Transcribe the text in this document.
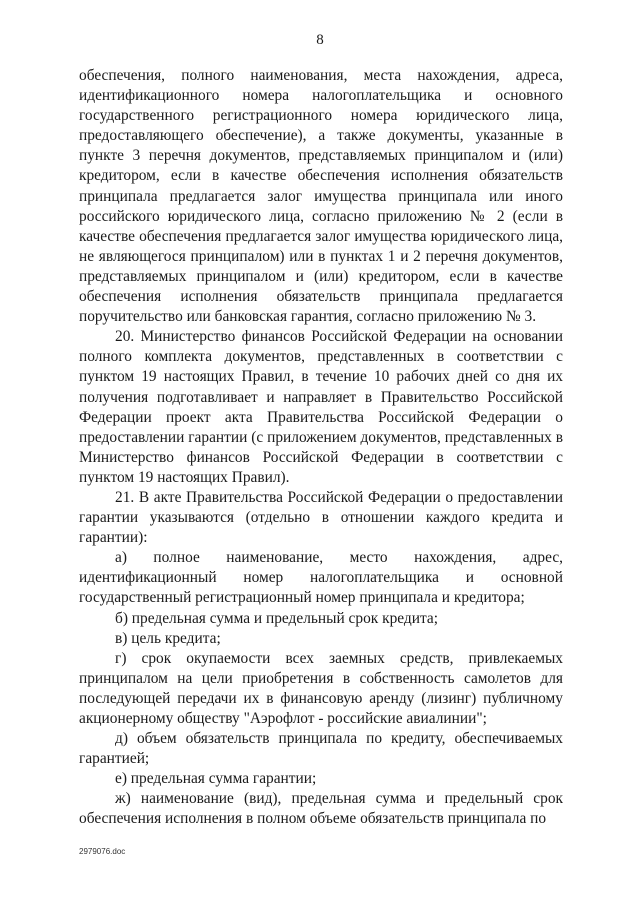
8

обеспечения, полного наименования, места нахождения, адреса, идентификационного номера налогоплательщика и основного государственного регистрационного номера юридического лица, предоставляющего обеспечение), а также документы, указанные в пункте 3 перечня документов, представляемых принципалом и (или) кредитором, если в качестве обеспечения исполнения обязательств принципала предлагается залог имущества принципала или иного российского юридического лица, согласно приложению № 2 (если в качестве обеспечения предлагается залог имущества юридического лица, не являющегося принципалом) или в пунктах 1 и 2 перечня документов, представляемых принципалом и (или) кредитором, если в качестве обеспечения исполнения обязательств принципала предлагается поручительство или банковская гарантия, согласно приложению № 3.

20. Министерство финансов Российской Федерации на основании полного комплекта документов, представленных в соответствии с пунктом 19 настоящих Правил, в течение 10 рабочих дней со дня их получения подготавливает и направляет в Правительство Российской Федерации проект акта Правительства Российской Федерации о предоставлении гарантии (с приложением документов, представленных в Министерство финансов Российской Федерации в соответствии с пунктом 19 настоящих Правил).

21. В акте Правительства Российской Федерации о предоставлении гарантии указываются (отдельно в отношении каждого кредита и гарантии):

а) полное наименование, место нахождения, адрес, идентификационный номер налогоплательщика и основной государственный регистрационный номер принципала и кредитора;

б) предельная сумма и предельный срок кредита;

в) цель кредита;

г) срок окупаемости всех заемных средств, привлекаемых принципалом на цели приобретения в собственность самолетов для последующей передачи их в финансовую аренду (лизинг) публичному акционерному обществу "Аэрофлот - российские авиалинии";

д) объем обязательств принципала по кредиту, обеспечиваемых гарантией;

е) предельная сумма гарантии;

ж) наименование (вид), предельная сумма и предельный срок обеспечения исполнения в полном объеме обязательств принципала по

2979076.doc
